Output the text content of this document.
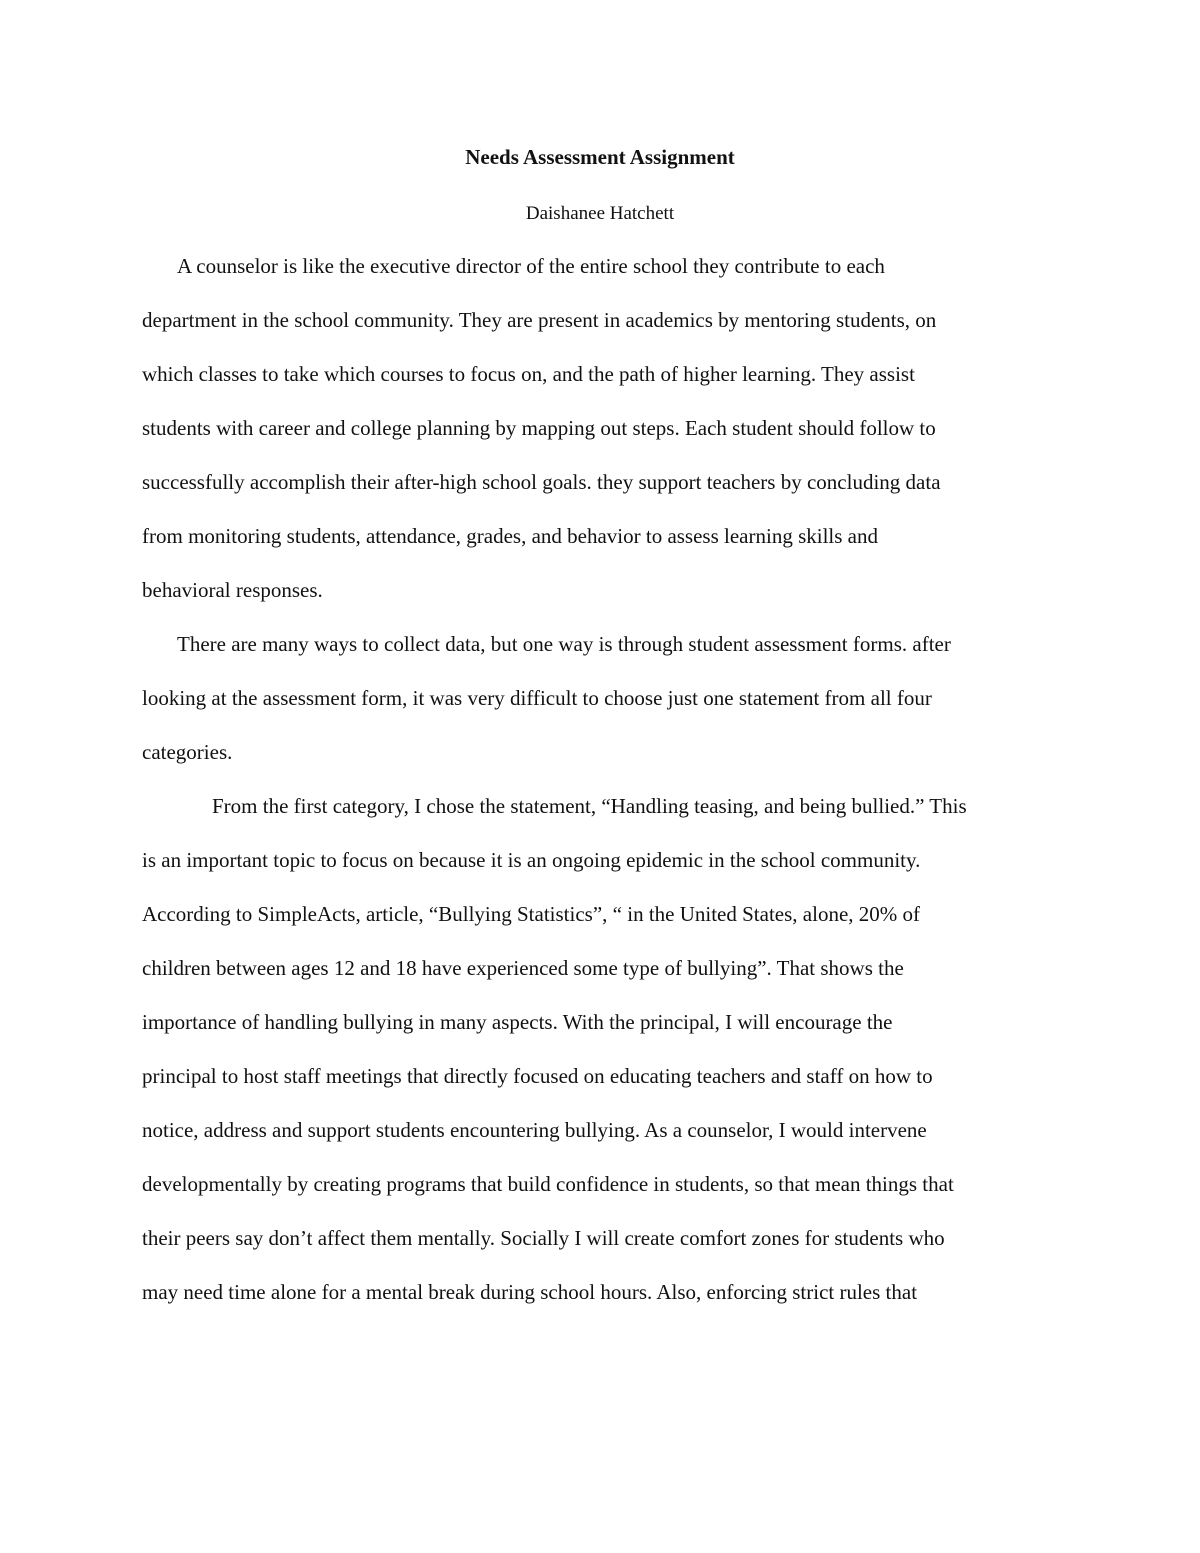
Needs Assessment Assignment
Daishanee Hatchett
A counselor is like the executive director of the entire school they contribute to each
department in the school community. They are present in academics by mentoring students, on
which classes to take which courses to focus on, and the path of higher learning. They assist
students with career and college planning by mapping out steps. Each student should follow to
successfully accomplish their after-high school goals. they support teachers by concluding data
from monitoring students, attendance, grades, and behavior to assess learning skills and
behavioral responses.
There are many ways to collect data, but one way is through student assessment forms. after
looking at the assessment form, it was very difficult to choose just one statement from all four
categories.
From the first category, I chose the statement, “Handling teasing, and being bullied.” This
is an important topic to focus on because it is an ongoing epidemic in the school community.
According to SimpleActs, article, “Bullying Statistics”, “ in the United States, alone, 20% of
children between ages 12 and 18 have experienced some type of bullying”. That shows the
importance of handling bullying in many aspects. With the principal, I will encourage the
principal to host staff meetings that directly focused on educating teachers and staff on how to
notice, address and support students encountering bullying. As a counselor, I would intervene
developmentally by creating programs that build confidence in students, so that mean things that
their peers say don’t affect them mentally. Socially I will create comfort zones for students who
may need time alone for a mental break during school hours. Also, enforcing strict rules that
